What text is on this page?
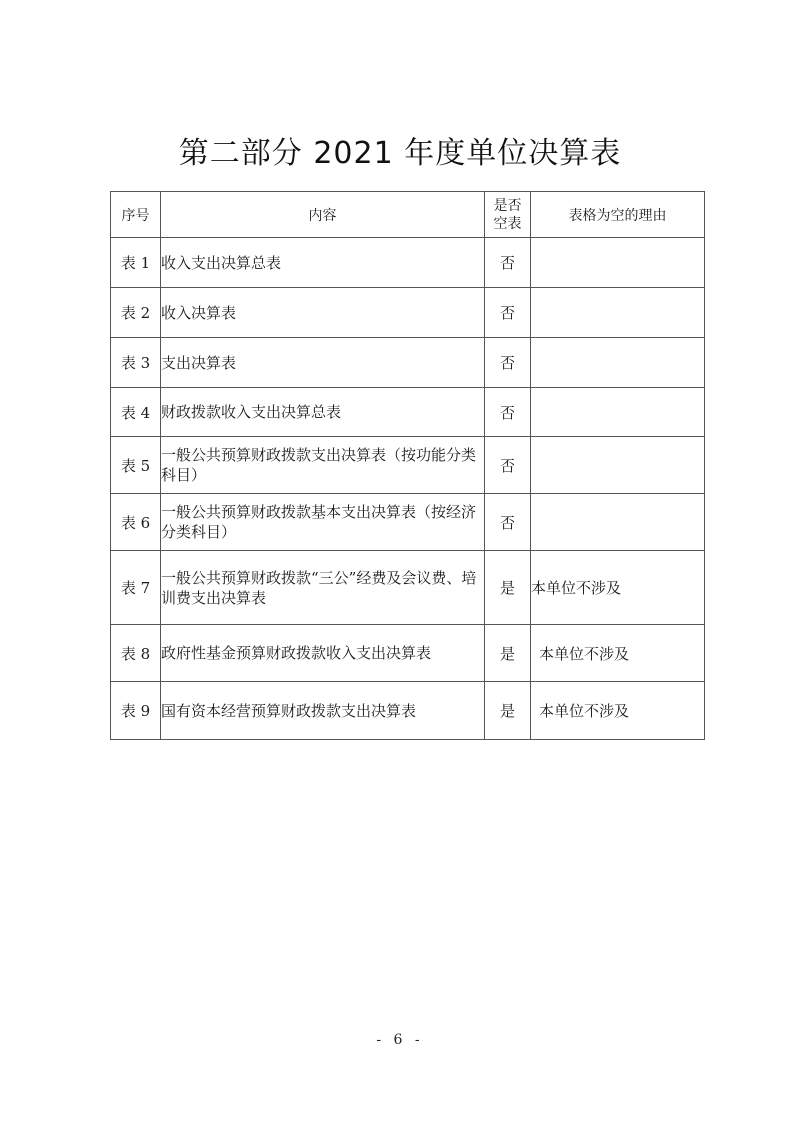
第二部分 2021 年度单位决算表
序号	内容	是否空表	表格为空的理由
表 1	收入支出决算总表	否	
表 2	收入决算表	否	
表 3	支出决算表	否	
表 4	财政拨款收入支出决算总表	否	
表 5	一般公共预算财政拨款支出决算表（按功能分类科目）	否	
表 6	一般公共预算财政拨款基本支出决算表（按经济分类科目）	否	
表 7	一般公共预算财政拨款“三公”经费及会议费、培训费支出决算表	是	本单位不涉及
表 8	政府性基金预算财政拨款收入支出决算表	是	本单位不涉及
表 9	国有资本经营预算财政拨款支出决算表	是	本单位不涉及
- 6 -
